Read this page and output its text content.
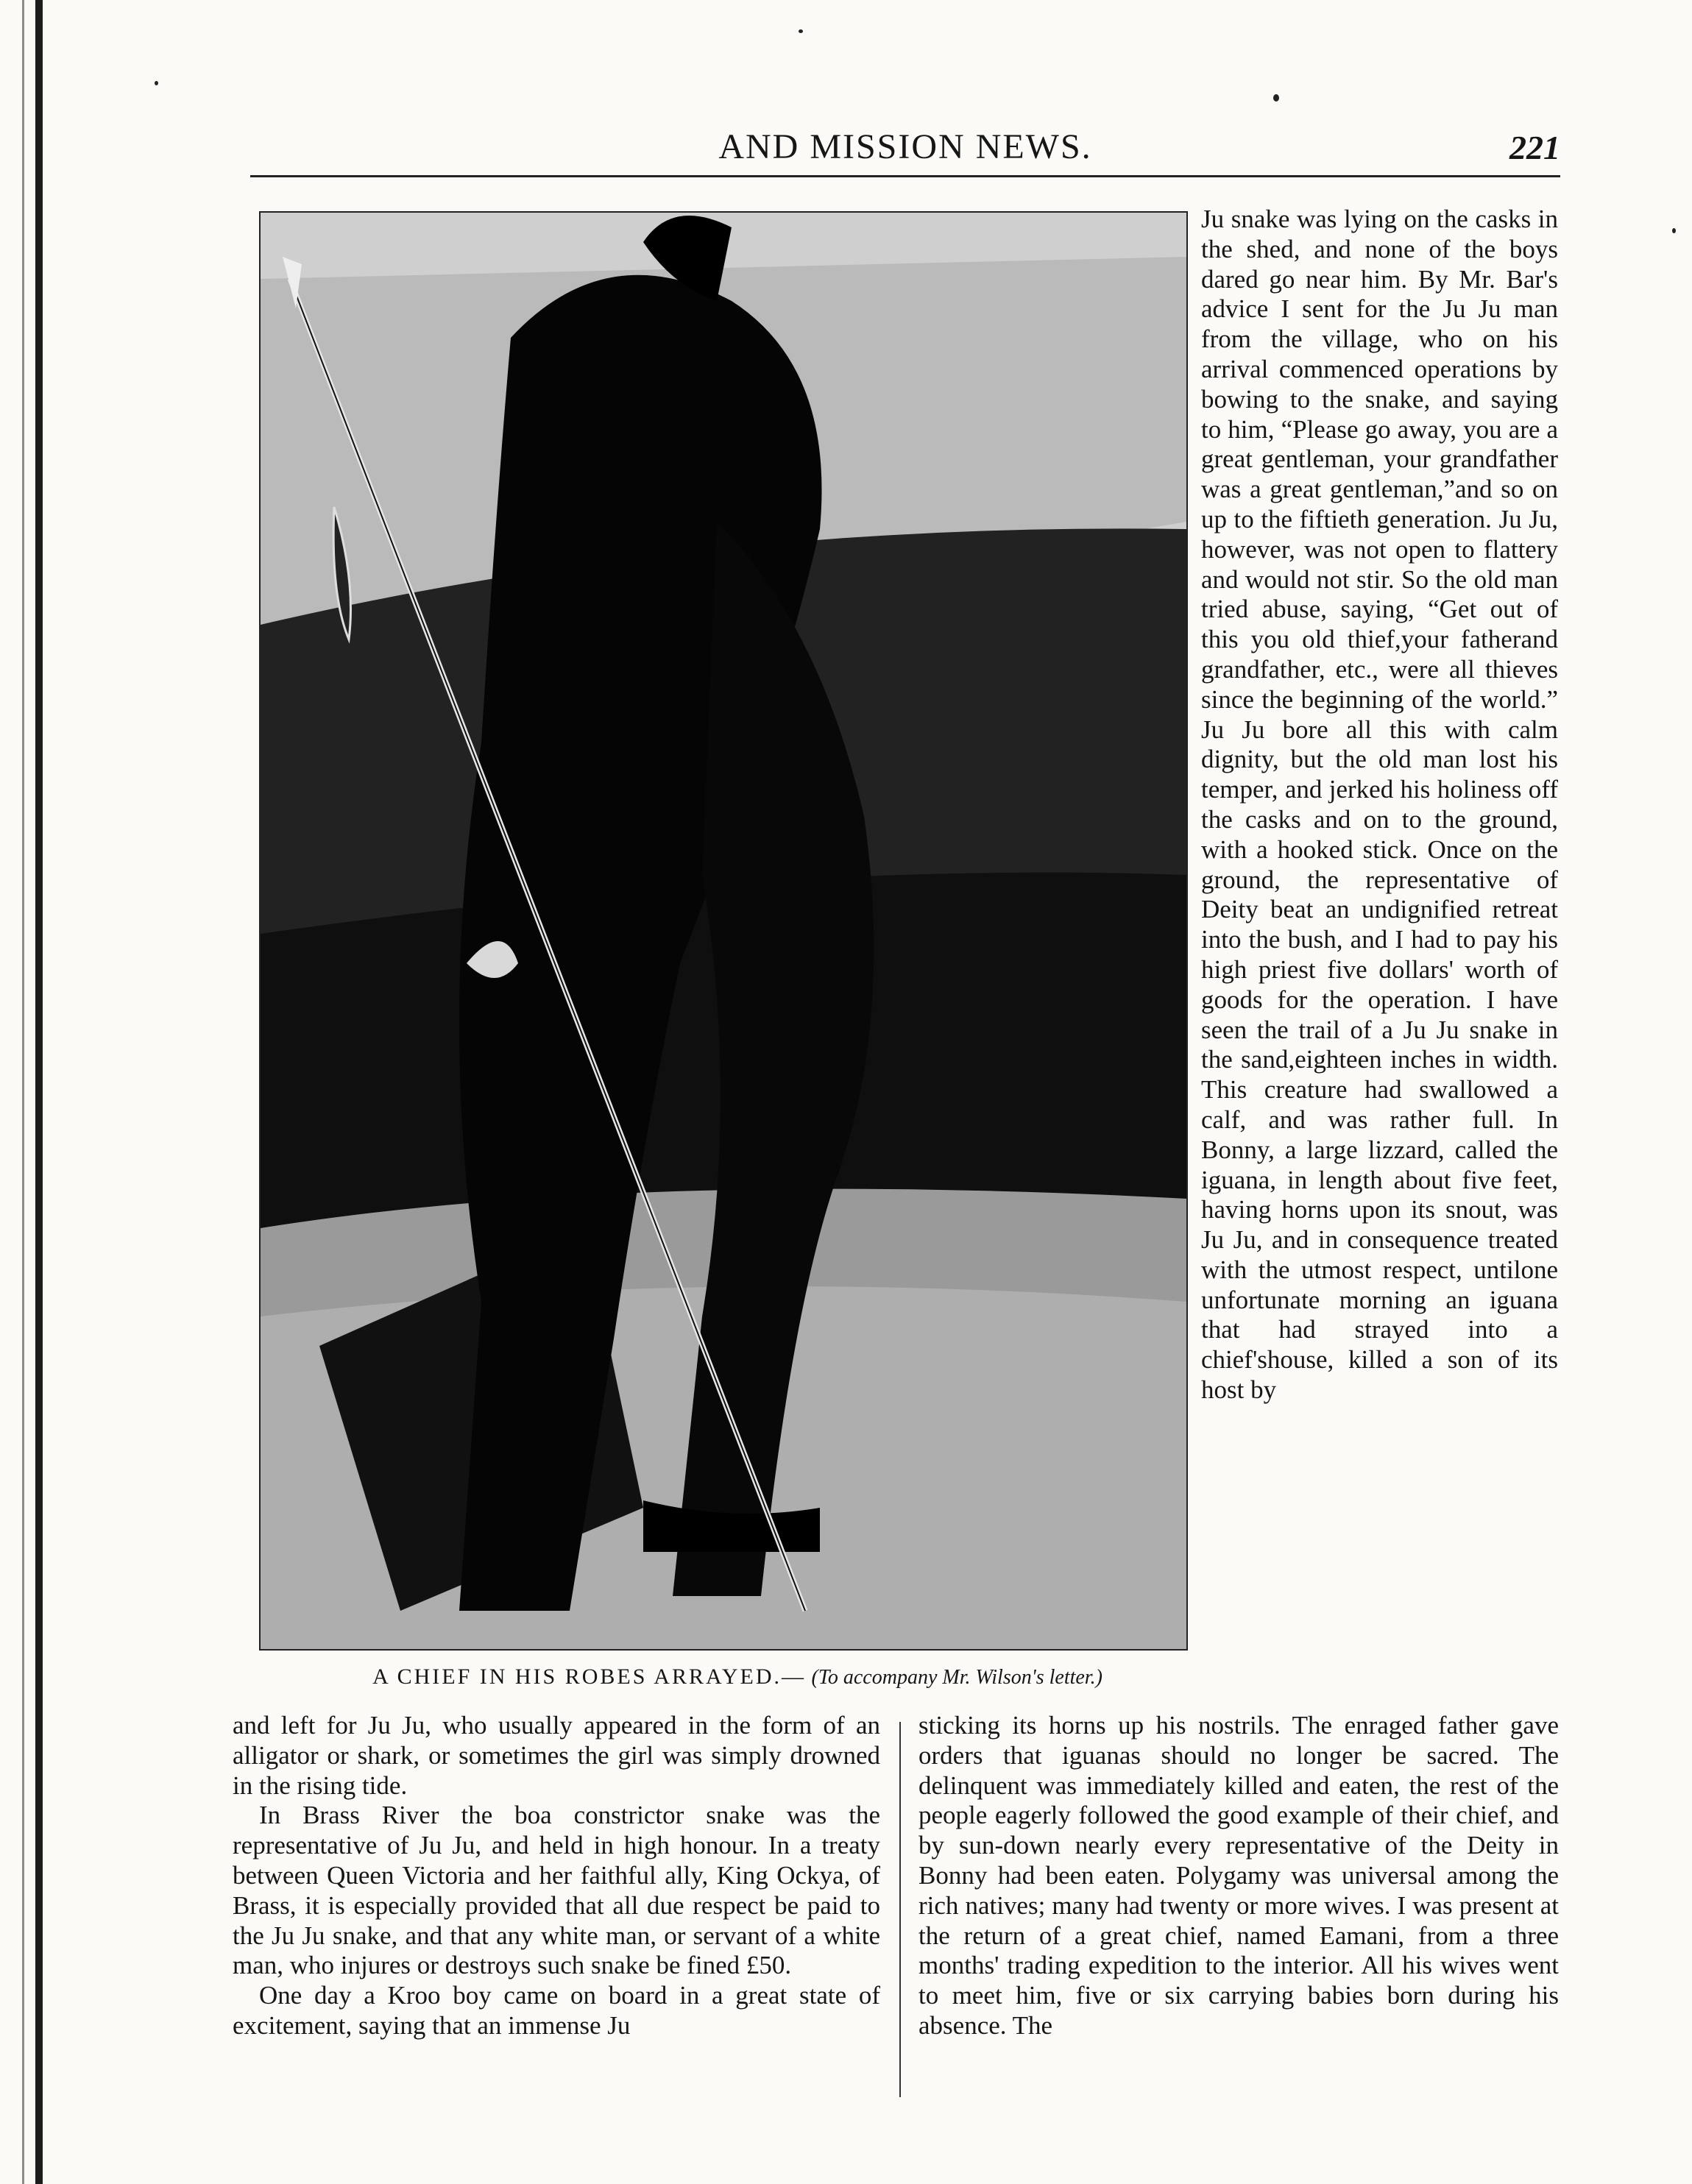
AND MISSION NEWS.	221
A CHIEF IN HIS ROBES ARRAYED.— (To accompany Mr. Wilson's letter.)

Ju snake was lying on the casks in the shed, and none of the boys dared go near him. By Mr. Bar's advice I sent for the Ju Ju man from the village, who on his arrival commenced operations by bowing to the snake, and saying to him, “Please go away, you are a great gentleman, your grandfather was a great gentleman,”and so on up to the fiftieth generation. Ju Ju, however, was not open to flattery and would not stir. So the old man tried abuse, saying, “Get out of this you old thief,your fatherand grandfather, etc., were all thieves since the beginning of the world.” Ju Ju bore all this with calm dignity, but the old man lost his temper, and jerked his holiness off the casks and on to the ground, with a hooked stick. Once on the ground, the representative of Deity beat an undignified retreat into the bush, and I had to pay his high priest five dollars' worth of goods for the operation. I have seen the trail of a Ju Ju snake in the sand,eighteen inches in width. This creature had swallowed a calf, and was rather full. In Bonny, a large lizzard, called the iguana, in length about five feet, having horns upon its snout, was Ju Ju, and in consequence treated with the utmost respect, untilone unfortunate morning an iguana that had strayed into a chief'shouse, killed a son of its host by

and left for Ju Ju, who usually appeared in the form of an alligator or shark, or sometimes the girl was simply drowned in the rising tide.

In Brass River the boa constrictor snake was the representative of Ju Ju, and held in high honour. In a treaty between Queen Victoria and her faithful ally, King Ockya, of Brass, it is especially provided that all due respect be paid to the Ju Ju snake, and that any white man, or servant of a white man, who injures or destroys such snake be fined £50.

One day a Kroo boy came on board in a great state of excitement, saying that an immense Ju

sticking its horns up his nostrils. The enraged father gave orders that iguanas should no longer be sacred. The delinquent was immediately killed and eaten, the rest of the people eagerly followed the good example of their chief, and by sun-down nearly every representative of the Deity in Bonny had been eaten. Polygamy was universal among the rich natives; many had twenty or more wives. I was present at the return of a great chief, named Eamani, from a three months' trading expedition to the interior. All his wives went to meet him, five or six carrying babies born during his absence. The
